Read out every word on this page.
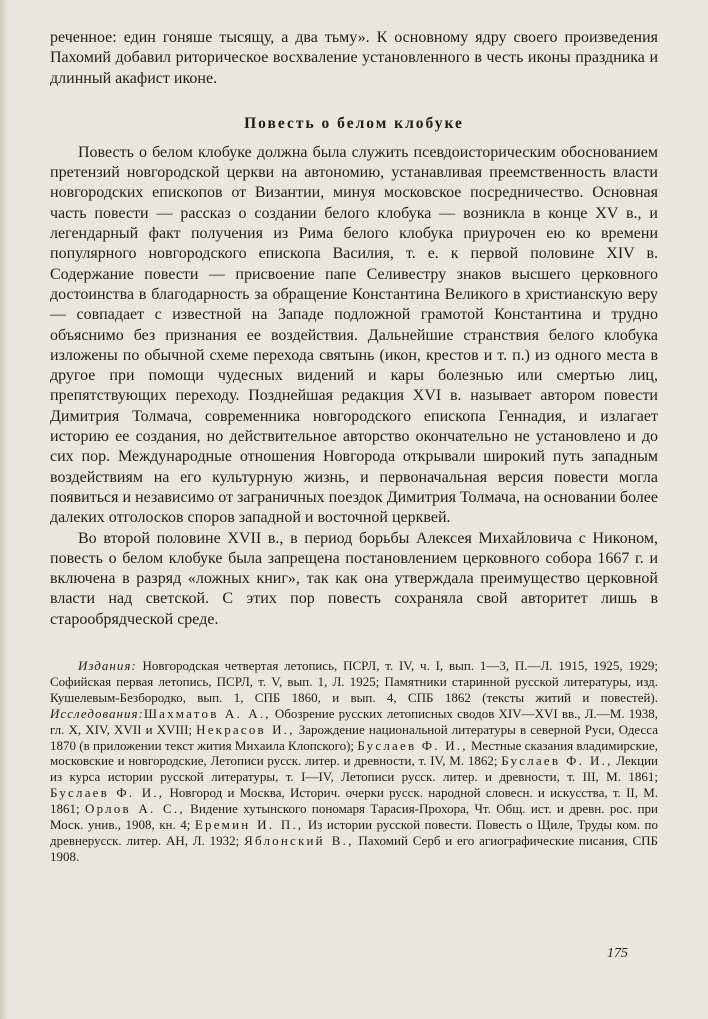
реченное: един гоняше тысящу, а два тьму». К основному ядру своего произведения Пахомий добавил риторическое восхваление установленного в честь иконы праздника и длинный акафист иконе.

Повесть о белом клобуке

Повесть о белом клобуке должна была служить псевдоисторическим обоснованием претензий новгородской церкви на автономию, устанавливая преемственность власти новгородских епископов от Византии, минуя московское посредничество. Основная часть повести — рассказ о создании белого клобука — возникла в конце XV в., и легендарный факт получения из Рима белого клобука приурочен ею ко времени популярного новгородского епископа Василия, т. е. к первой половине XIV в. Содержание повести — присвоение папе Селивестру знаков высшего церковного достоинства в благодарность за обращение Константина Великого в христианскую веру — совпадает с известной на Западе подложной грамотой Константина и трудно объяснимо без признания ее воздействия. Дальнейшие странствия белого клобука изложены по обычной схеме перехода святынь (икон, крестов и т. п.) из одного места в другое при помощи чудесных видений и кары болезнью или смертью лиц, препятствующих переходу. Позднейшая редакция XVI в. называет автором повести Димитрия Толмача, современника новгородского епископа Геннадия, и излагает историю ее создания, но действительное авторство окончательно не установлено и до сих пор. Международные отношения Новгорода открывали широкий путь западным воздействиям на его культурную жизнь, и первоначальная версия повести могла появиться и независимо от заграничных поездок Димитрия Толмача, на основании более далеких отголосков споров западной и восточной церквей.

Во второй половине XVII в., в период борьбы Алексея Михайловича с Никоном, повесть о белом клобуке была запрещена постановлением церковного собора 1667 г. и включена в разряд «ложных книг», так как она утверждала преимущество церковной власти над светской. С этих пор повесть сохраняла свой авторитет лишь в старообрядческой среде.

Издания: Новгородская четвертая летопись, ПСРЛ, т. IV, ч. I, вып. 1—3, П.—Л. 1915, 1925, 1929; Софийская первая летопись, ПСРЛ, т. V, вып. 1, Л. 1925; Памятники старинной русской литературы, изд. Кушелевым-Безбородко, вып. 1, СПБ 1860, и вып. 4, СПБ 1862 (тексты житий и повестей). Исследования:Шахматов А. А., Обозрение русских летописных сводов XIV—XVI вв., Л.—М. 1938, гл. X, XIV, XVII и XVIII; Некрасов И., Зарождение национальной литературы в северной Руси, Одесса 1870 (в приложении текст жития Михаила Клопского); Буслаев Ф. И., Местные сказания владимирские, московские и новгородские, Летописи русск. литер. и древности, т. IV, М. 1862; Буслаев Ф. И., Лекции из курса истории русской литературы, т. I—IV, Летописи русск. литер. и древности, т. III, М. 1861; Буслаев Ф. И., Новгород и Москва, Историч. очерки русск. народной словесн. и искусства, т. II, М. 1861; Орлов А. С., Видение хутынского пономаря Тарасия-Прохора, Чт. Общ. ист. и древн. рос. при Моск. унив., 1908, кн. 4; Еремин И. П., Из истории русской повести. Повесть о Щиле, Труды ком. по древнерусск. литер. АН, Л. 1932; Яблонский В., Пахомий Серб и его агиографические писания, СПБ 1908.
175
